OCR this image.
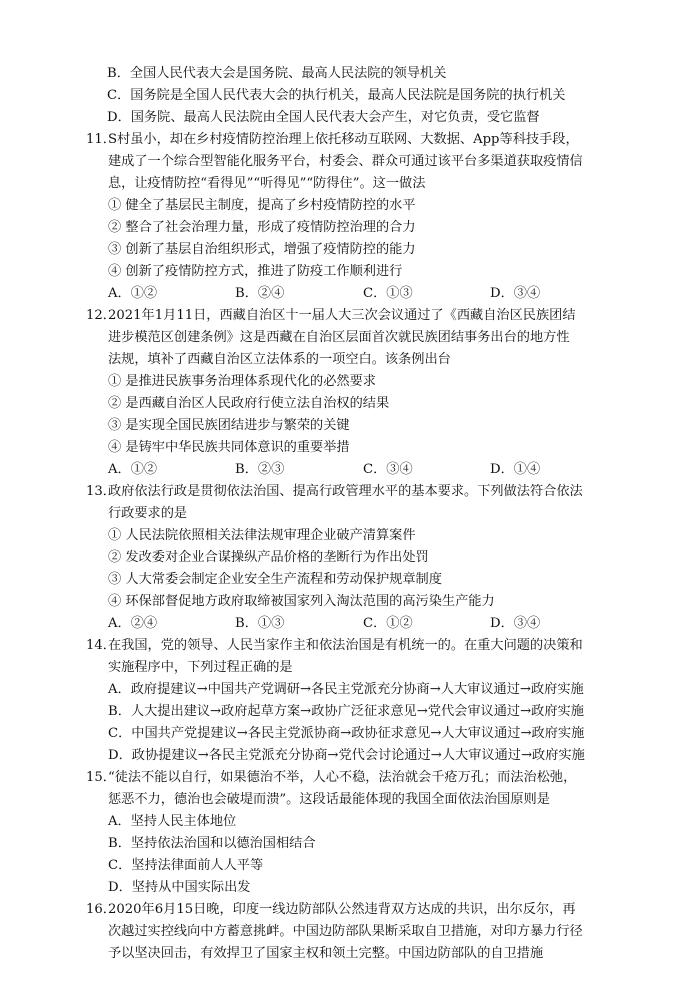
B．全国人民代表大会是国务院、最高人民法院的领导机关
C．国务院是全国人民代表大会的执行机关，最高人民法院是国务院的执行机关
D．国务院、最高人民法院由全国人民代表大会产生，对它负责，受它监督
11．
S村虽小，却在乡村疫情防控治理上依托移动互联网、大数据、App等科技手段，
建成了一个综合型智能化服务平台，村委会、群众可通过该平台多渠道获取疫情信
息，让疫情防控“看得见”“听得见”“防得住”。这一做法
① 健全了基层民主制度，提高了乡村疫情防控的水平
② 整合了社会治理力量，形成了疫情防控治理的合力
③ 创新了基层自治组织形式，增强了疫情防控的能力
④ 创新了疫情防控方式，推进了防疫工作顺利进行
A．①②	B．②④	C．①③	D．③④
12．
2021年1月11日，西藏自治区十一届人大三次会议通过了《西藏自治区民族团结
进步模范区创建条例》这是西藏在自治区层面首次就民族团结事务出台的地方性
法规，填补了西藏自治区立法体系的一项空白。该条例出台
① 是推进民族事务治理体系现代化的必然要求
② 是西藏自治区人民政府行使立法自治权的结果
③ 是实现全国民族团结进步与繁荣的关键
④ 是铸牢中华民族共同体意识的重要举措
A．①②	B．②③	C．③④	D．①④
13．
政府依法行政是贯彻依法治国、提高行政管理水平的基本要求。下列做法符合依法
行政要求的是
① 人民法院依照相关法律法规审理企业破产清算案件
② 发改委对企业合谋操纵产品价格的垄断行为作出处罚
③ 人大常委会制定企业安全生产流程和劳动保护规章制度
④ 环保部督促地方政府取缔被国家列入淘汰范围的高污染生产能力
A．②④	B．①③	C．①②	D．③④
14．
在我国，党的领导、人民当家作主和依法治国是有机统一的。在重大问题的决策和
实施程序中，下列过程正确的是
A．政府提建议→中国共产党调研→各民主党派充分协商→人大审议通过→政府实施
B．人大提出建议→政府起草方案→政协广泛征求意见→党代会审议通过→政府实施
C．中国共产党提建议→各民主党派协商→政协征求意见→人大审议通过→政府实施
D．政协提建议→各民主党派充分协商→党代会讨论通过→人大审议通过→政府实施
15．
“徒法不能以自行，如果德治不举，人心不稳，法治就会千疮万孔；而法治松弛，
惩恶不力，德治也会破堤而溃”。这段话最能体现的我国全面依法治国原则是
A．坚持人民主体地位
B．坚持依法治国和以德治国相结合
C．坚持法律面前人人平等
D．坚持从中国实际出发
16．
2020年6月15日晚，印度一线边防部队公然违背双方达成的共识，出尔反尔，再
次越过实控线向中方蓄意挑衅。中国边防部队果断采取自卫措施，对印方暴力行径
予以坚决回击，有效捍卫了国家主权和领土完整。中国边防部队的自卫措施
